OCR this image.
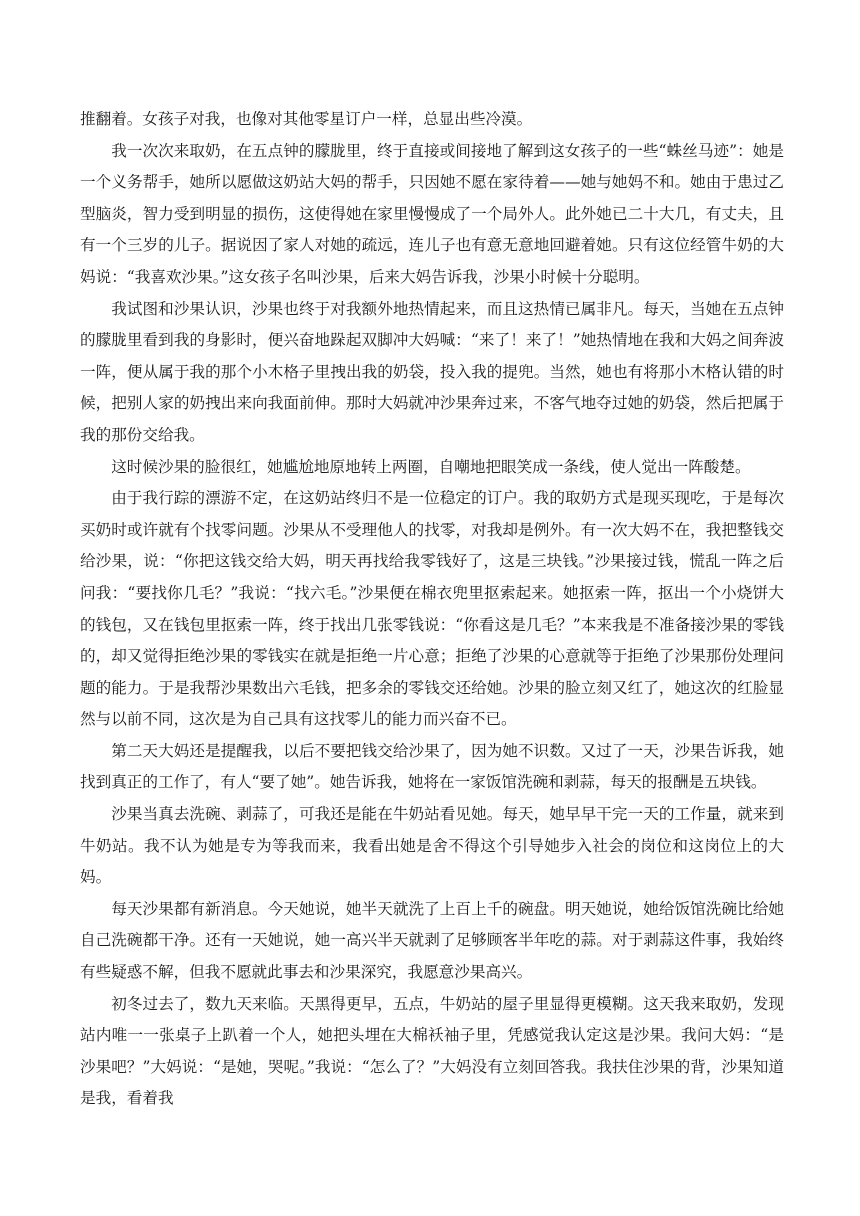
推翻着。女孩子对我，也像对其他零星订户一样，总显出些冷漠。

我一次次来取奶，在五点钟的朦胧里，终于直接或间接地了解到这女孩子的一些“蛛丝马迹”：她是一个义务帮手，她所以愿做这奶站大妈的帮手，只因她不愿在家待着——她与她妈不和。她由于患过乙型脑炎，智力受到明显的损伤，这使得她在家里慢慢成了一个局外人。此外她已二十大几，有丈夫，且有一个三岁的儿子。据说因了家人对她的疏远，连儿子也有意无意地回避着她。只有这位经管牛奶的大妈说：“我喜欢沙果。”这女孩子名叫沙果，后来大妈告诉我，沙果小时候十分聪明。

我试图和沙果认识，沙果也终于对我额外地热情起来，而且这热情已属非凡。每天，当她在五点钟的朦胧里看到我的身影时，便兴奋地跺起双脚冲大妈喊：“来了！来了！”她热情地在我和大妈之间奔波一阵，便从属于我的那个小木格子里拽出我的奶袋，投入我的提兜。当然，她也有将那小木格认错的时候，把别人家的奶拽出来向我面前伸。那时大妈就冲沙果奔过来，不客气地夺过她的奶袋，然后把属于我的那份交给我。

这时候沙果的脸很红，她尴尬地原地转上两圈，自嘲地把眼笑成一条线，使人觉出一阵酸楚。

由于我行踪的漂游不定，在这奶站终归不是一位稳定的订户。我的取奶方式是现买现吃，于是每次买奶时或许就有个找零问题。沙果从不受理他人的找零，对我却是例外。有一次大妈不在，我把整钱交给沙果，说：“你把这钱交给大妈，明天再找给我零钱好了，这是三块钱。”沙果接过钱，慌乱一阵之后问我：“要找你几毛？”我说：“找六毛。”沙果便在棉衣兜里抠索起来。她抠索一阵，抠出一个小烧饼大的钱包，又在钱包里抠索一阵，终于找出几张零钱说：“你看这是几毛？”本来我是不准备接沙果的零钱的，却又觉得拒绝沙果的零钱实在就是拒绝一片心意；拒绝了沙果的心意就等于拒绝了沙果那份处理问题的能力。于是我帮沙果数出六毛钱，把多余的零钱交还给她。沙果的脸立刻又红了，她这次的红脸显然与以前不同，这次是为自己具有这找零儿的能力而兴奋不已。

第二天大妈还是提醒我，以后不要把钱交给沙果了，因为她不识数。又过了一天，沙果告诉我，她找到真正的工作了，有人“要了她”。她告诉我，她将在一家饭馆洗碗和剥蒜，每天的报酬是五块钱。

沙果当真去洗碗、剥蒜了，可我还是能在牛奶站看见她。每天，她早早干完一天的工作量，就来到牛奶站。我不认为她是专为等我而来，我看出她是舍不得这个引导她步入社会的岗位和这岗位上的大妈。

每天沙果都有新消息。今天她说，她半天就洗了上百上千的碗盘。明天她说，她给饭馆洗碗比给她自己洗碗都干净。还有一天她说，她一高兴半天就剥了足够顾客半年吃的蒜。对于剥蒜这件事，我始终有些疑惑不解，但我不愿就此事去和沙果深究，我愿意沙果高兴。

初冬过去了，数九天来临。天黑得更早，五点，牛奶站的屋子里显得更模糊。这天我来取奶，发现站内唯一一张桌子上趴着一个人，她把头埋在大棉袄袖子里，凭感觉我认定这是沙果。我问大妈：“是沙果吧？”大妈说：“是她，哭呢。”我说：“怎么了？”大妈没有立刻回答我。我扶住沙果的背，沙果知道是我，看着我
